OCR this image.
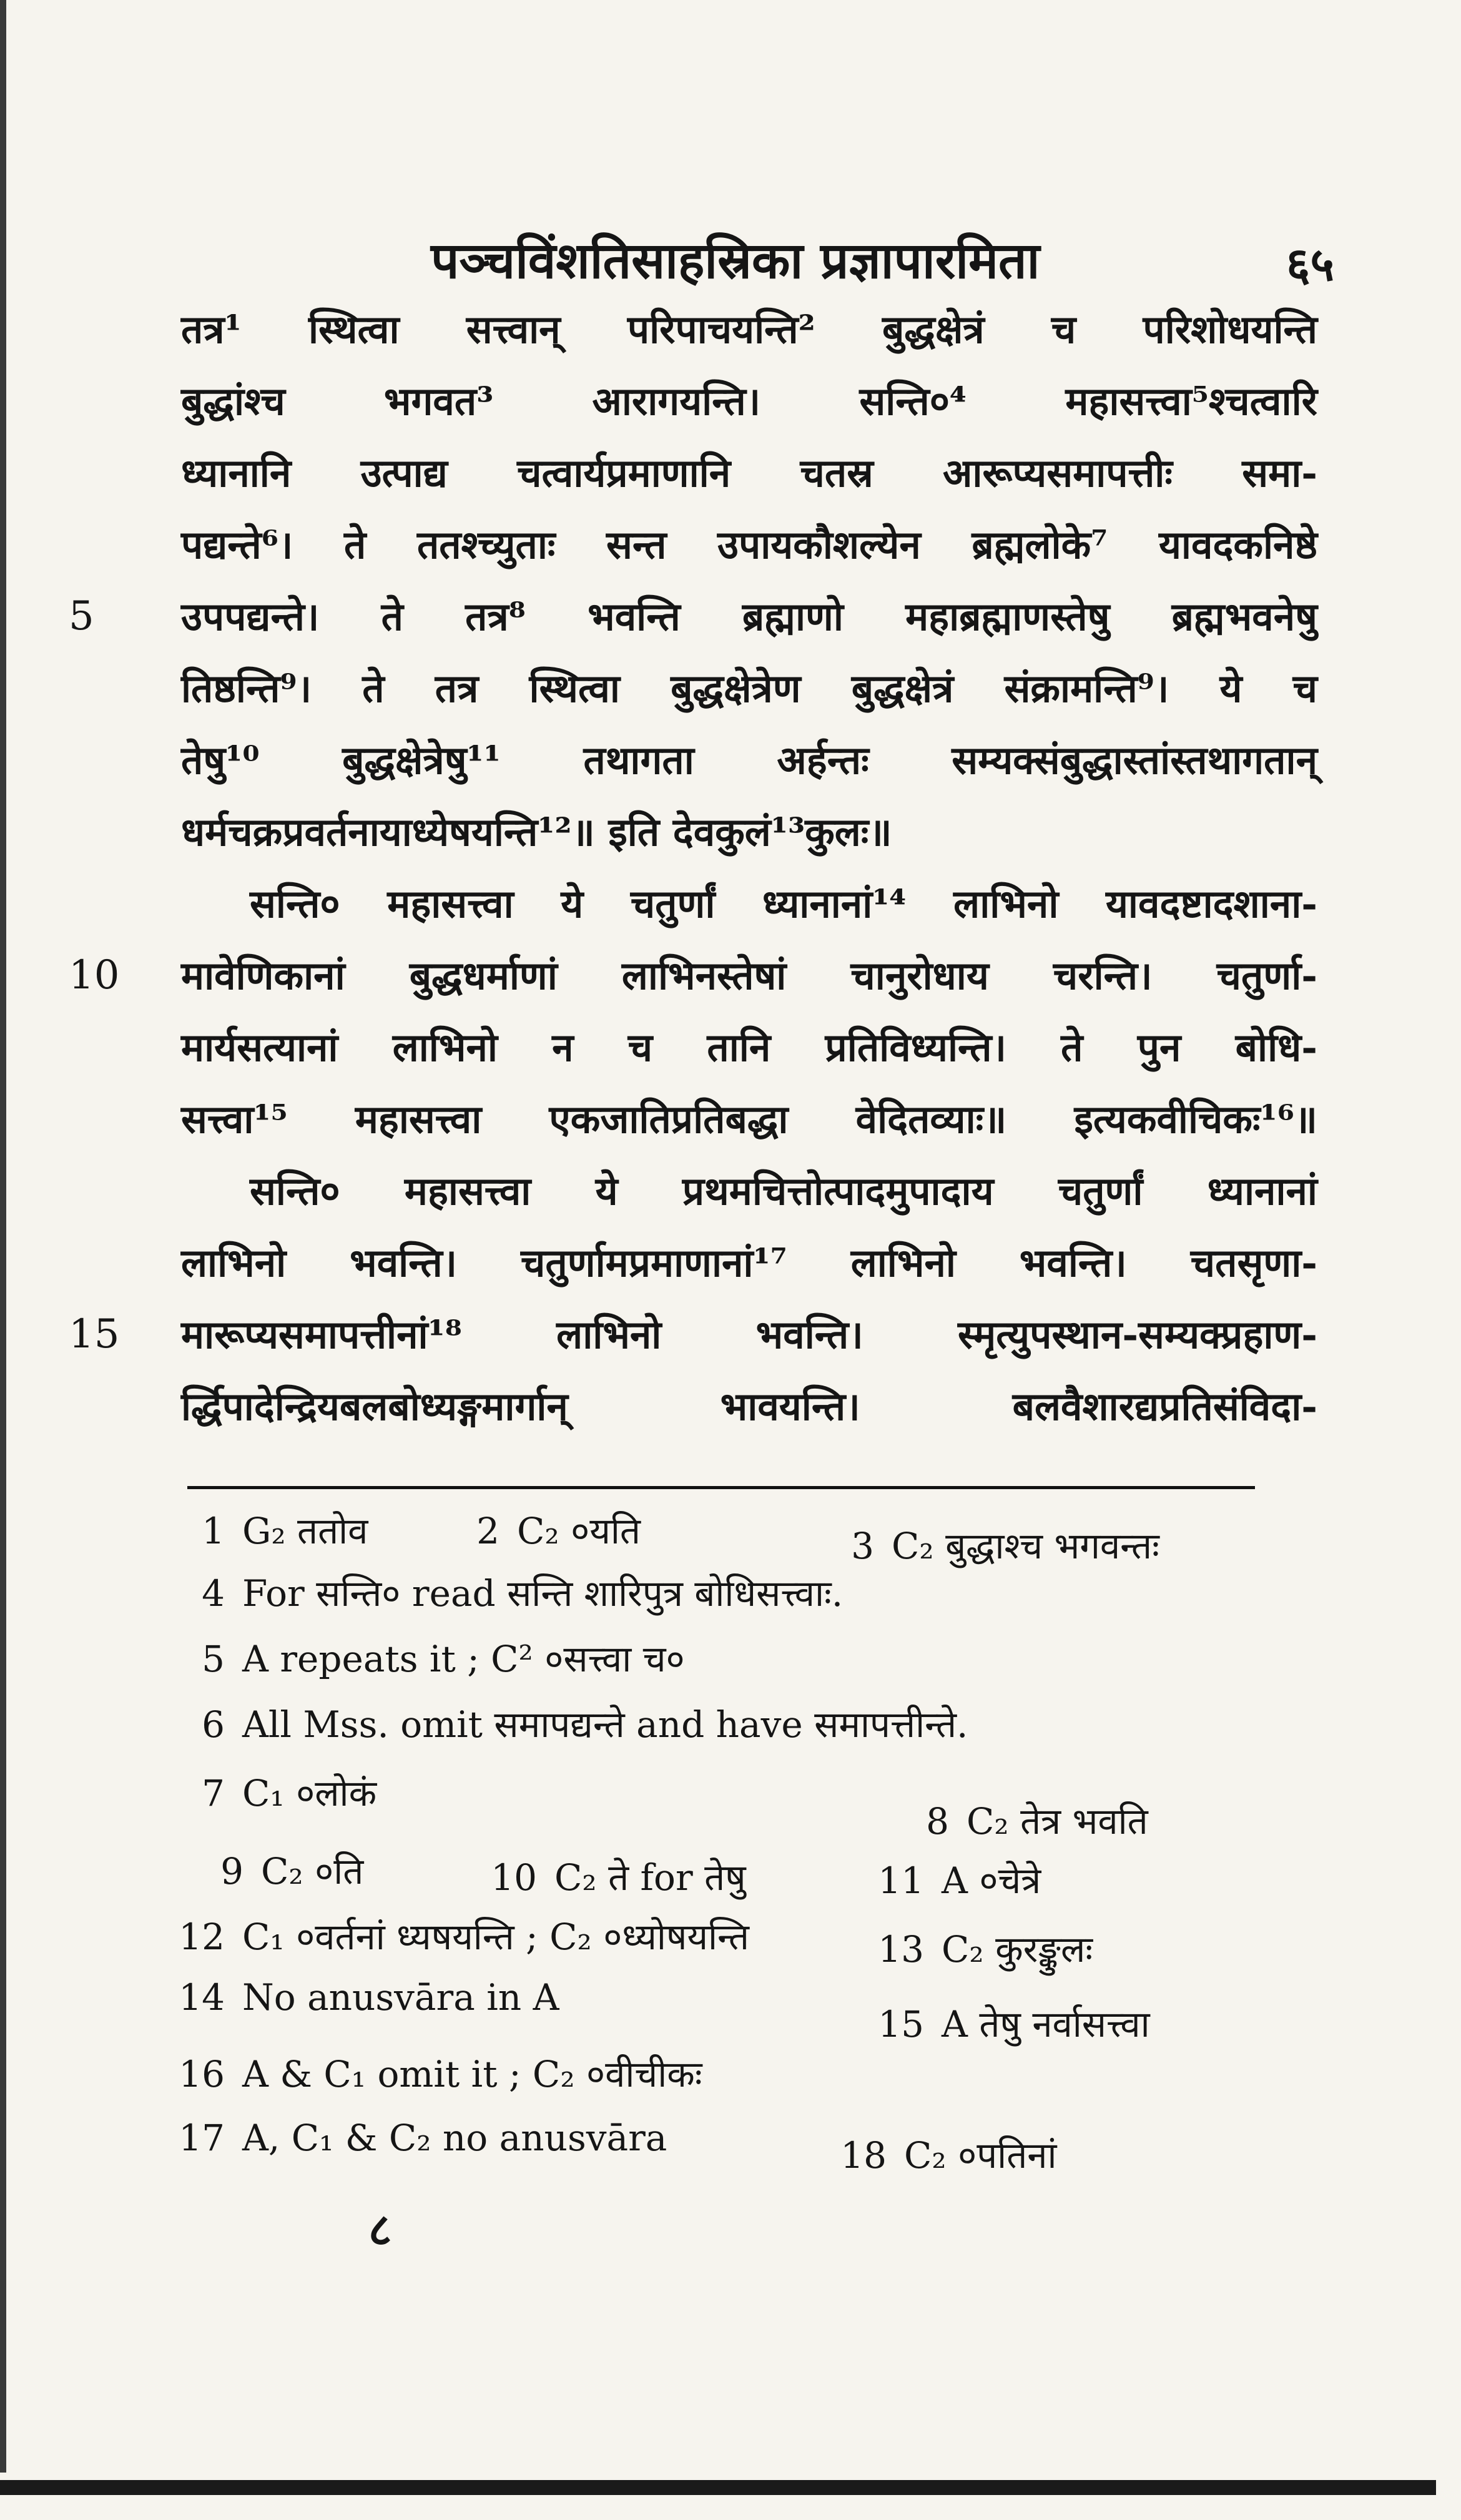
पञ्चविंशतिसाहस्रिका प्रज्ञापारमिता	६५
तत्र¹ स्थित्वा सत्त्वान् परिपाचयन्ति² बुद्धक्षेत्रं च परिशोधयन्ति
बुद्धांश्च भगवत³ आरागयन्ति। सन्ति०⁴ महासत्त्वा⁵श्चत्वारि
ध्यानानि उत्पाद्य चत्वार्यप्रमाणानि चतस्र आरूप्यसमापत्तीः समा-
पद्यन्ते⁶। ते ततश्च्युताः सन्त उपायकौशल्येन ब्रह्मलोके⁷ यावदकनिष्ठे
5	उपपद्यन्ते। ते तत्र⁸ भवन्ति ब्रह्माणो महाब्रह्माणस्तेषु ब्रह्मभवनेषु
तिष्ठन्ति⁹। ते तत्र स्थित्वा बुद्धक्षेत्रेण बुद्धक्षेत्रं संक्रामन्ति⁹। ये च
तेषु¹⁰ बुद्धक्षेत्रेषु¹¹ तथागता अर्हन्तः सम्यक्संबुद्धास्तांस्तथागतान्
धर्मचक्रप्रवर्तनायाध्येषयन्ति¹²॥ इति देवकुलं¹³कुलः॥
सन्ति० महासत्त्वा ये चतुर्णां ध्यानानां¹⁴ लाभिनो यावदष्टादशाना-
10	मावेणिकानां बुद्धधर्माणां लाभिनस्तेषां चानुरोधाय चरन्ति। चतुर्णा-
मार्यसत्यानां लाभिनो न च तानि प्रतिविध्यन्ति। ते पुन बोधि-
सत्त्वा¹⁵ महासत्त्वा एकजातिप्रतिबद्धा वेदितव्याः॥ इत्यकवीचिकः¹⁶॥
सन्ति० महासत्त्वा ये प्रथमचित्तोत्पादमुपादाय चतुर्णां ध्यानानां
लाभिनो भवन्ति। चतुर्णामप्रमाणानां¹⁷ लाभिनो भवन्ति। चतसृणा-
15	मारूप्यसमापत्तीनां¹⁸ लाभिनो भवन्ति। स्मृत्युपस्थान-सम्यक्प्रहाण-
र्द्धिपादेन्द्रियबलबोध्यङ्गमार्गान् भावयन्ति। बलवैशारद्यप्रतिसंविदा-
1 G₂ ततोव	2 C₂ ०यति	3 C₂ बुद्धाश्च भगवन्तः
4 For सन्ति० read सन्ति शारिपुत्र बोधिसत्त्वाः.
5 A repeats it ; C² ०सत्त्वा च०
6 All Mss. omit समापद्यन्ते and have समापत्तीन्ते.
7 C₁ ०लोकं
8 C₂ तेत्र भवति
9 C₂ ०ति	10 C₂ ते for तेषु	11 A ०चेत्रे
12 C₁ ०वर्तनां ध्यषयन्ति ; C₂ ०ध्योषयन्ति	13 C₂ कुरङ्कुलः
14 No anusvāra in A
15 A तेषु नर्वासत्त्वा
16 A & C₁ omit it ; C₂ ०वीचीकः
17 A, C₁ & C₂ no anusvāra	18 C₂ ०पतिनां
८
